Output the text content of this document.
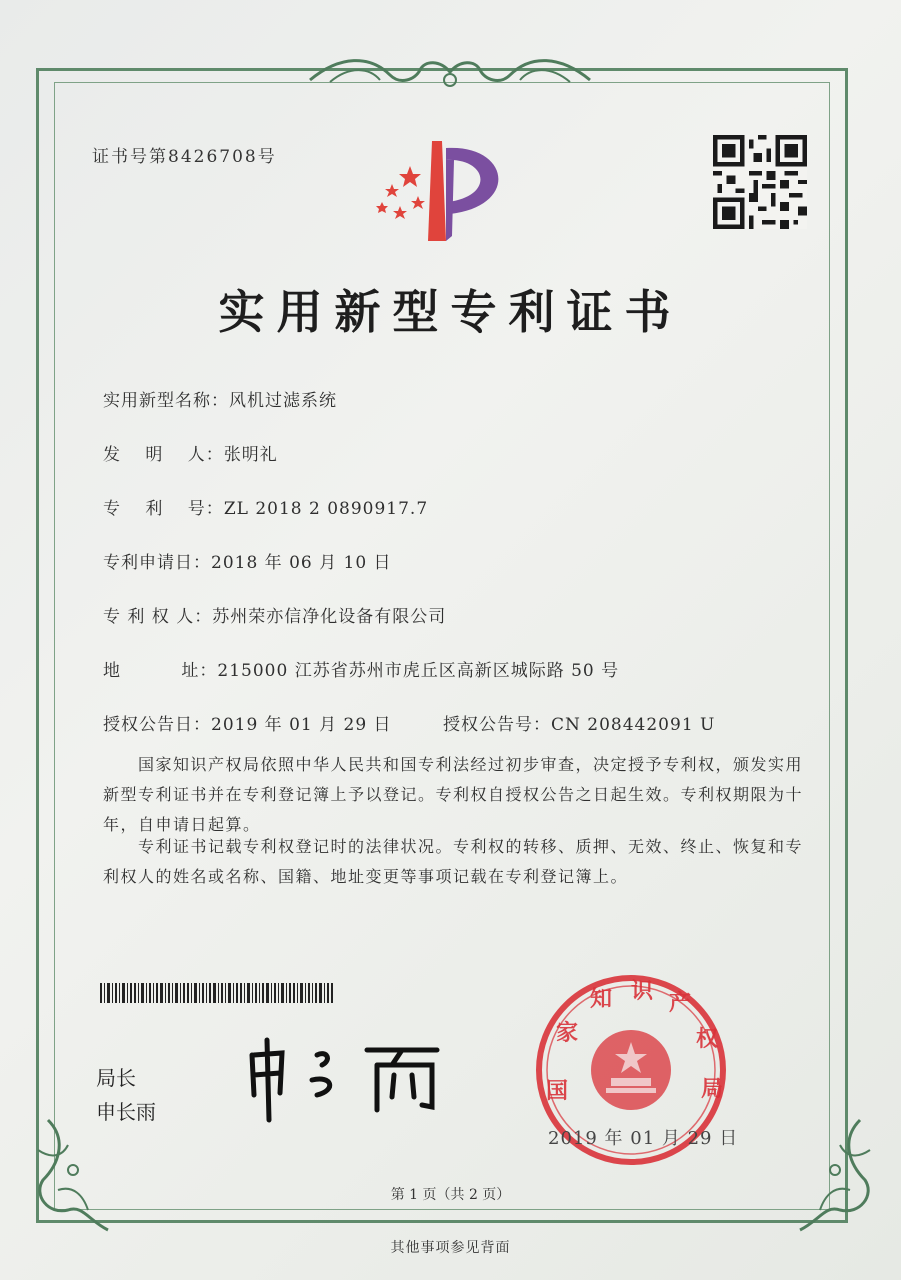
证书号第8426708号
实用新型专利证书
实用新型名称：风机过滤系统
发　 明　 人：张明礼
专　 利　 号：ZL 2018 2 0890917.7
专利申请日：2018 年 06 月 10 日
专 利 权 人：苏州荣亦信净化设备有限公司
地　　　 址：215000 江苏省苏州市虎丘区高新区城际路 50 号
授权公告日：2019 年 01 月 29 日	授权公告号：CN 208442091 U
　　国家知识产权局依照中华人民共和国专利法经过初步审查，决定授予专利权，颁发实用新型专利证书并在专利登记簿上予以登记。专利权自授权公告之日起生效。专利权期限为十年，自申请日起算。
　　专利证书记载专利权登记时的法律状况。专利权的转移、质押、无效、终止、恢复和专利权人的姓名或名称、国籍、地址变更等事项记载在专利登记簿上。
局长
申长雨
国
家
知 识 产
权
局
2019 年 01 月 29 日
第 1 页（共 2 页）
其他事项参见背面
